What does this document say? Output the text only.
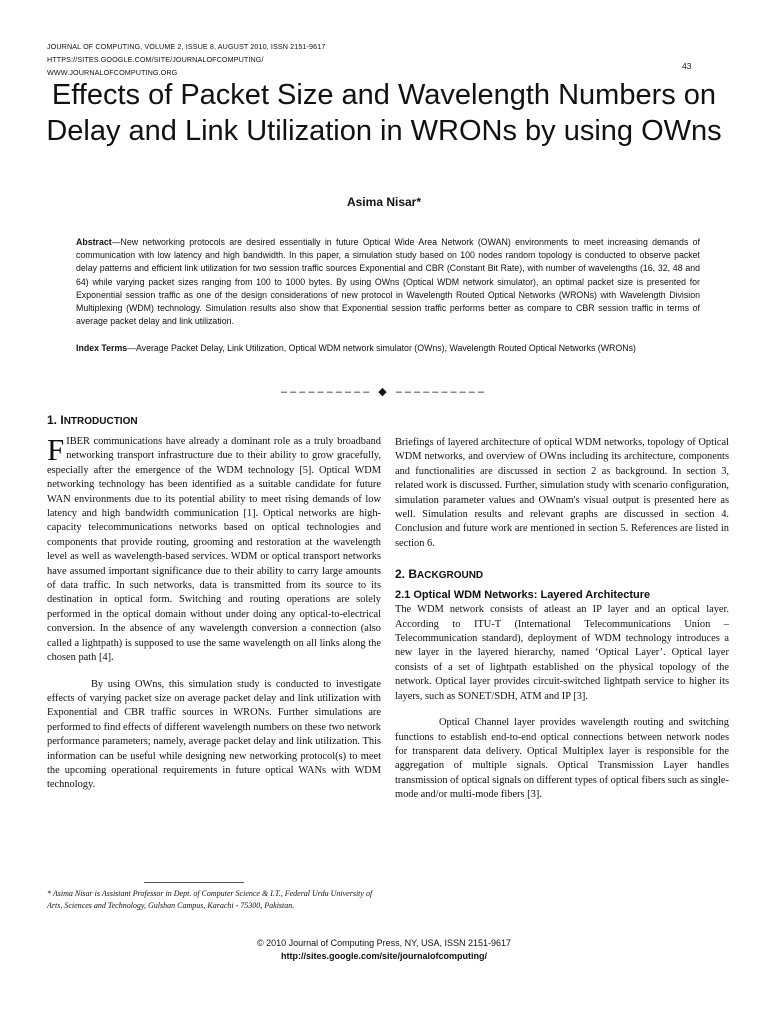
JOURNAL OF COMPUTING, VOLUME 2, ISSUE 8, AUGUST 2010, ISSN 2151-9617
HTTPS://SITES.GOOGLE.COM/SITE/JOURNALOFCOMPUTING/
WWW.JOURNALOFCOMPUTING.ORG
43
Effects of Packet Size and Wavelength Numbers on Delay and Link Utilization in WRONs by using OWns
Asima Nisar*
Abstract—New networking protocols are desired essentially in future Optical Wide Area Network (OWAN) environments to meet increasing demands of communication with low latency and high bandwidth. In this paper, a simulation study based on 100 nodes random topology is conducted to observe packet delay patterns and efficient link utilization for two session traffic sources Exponential and CBR (Constant Bit Rate), with number of wavelengths (16, 32, 48 and 64) while varying packet sizes ranging from 100 to 1000 bytes. By using OWns (Optical WDM network simulator), an optimal packet size is presented for Exponential session traffic as one of the design considerations of new protocol in Wavelength Routed Optical Networks (WRONs) with Wavelength Division Multiplexing (WDM) technology. Simulation results also show that Exponential session traffic performs better as compare to CBR session traffic in terms of average packet delay and link utilization.
Index Terms—Average Packet Delay, Link Utilization, Optical WDM network simulator (OWns), Wavelength Routed Optical Networks (WRONs)
–––––––––– ◆ ––––––––––
1. INTRODUCTION

FIBER communications have already a dominant role as a truly broadband networking transport infrastructure due to their ability to grow gracefully, especially after the emergence of the WDM technology [5]. Optical WDM networking technology has been identified as a suitable candidate for future WAN environments due to its potential ability to meet rising demands of low latency and high bandwidth communication [1]. Optical networks are high-capacity telecommunications networks based on optical technologies and components that provide routing, grooming and restoration at the wavelength level as well as wavelength-based services. WDM or optical transport networks have assumed important significance due to their ability to carry large amounts of data traffic. In such networks, data is transmitted from its source to its destination in optical form. Switching and routing operations are solely performed in the optical domain without under doing any optical-to-electrical conversion. In the absence of any wavelength conversion a connection (also called a lightpath) is supposed to use the same wavelength on all links along the chosen path [4].

By using OWns, this simulation study is conducted to investigate effects of varying packet size on average packet delay and link utilization with Exponential and CBR traffic sources in WRONs. Further simulations are performed to find effects of different wavelength numbers on these two network performance parameters; namely, average packet delay and link utilization. This information can be useful while designing new networking protocol(s) to meet the upcoming operational requirements in future optical WANs with WDM technology.

Briefings of layered architecture of optical WDM networks, topology of Optical WDM networks, and overview of OWns including its architecture, components and functionalities are discussed in section 2 as background. In section 3, related work is discussed. Further, simulation study with scenario configuration, simulation parameter values and OWnam's visual output is presented here as well. Simulation results and relevant graphs are discussed in section 4. Conclusion and future work are mentioned in section 5. References are listed in section 6.

2. BACKGROUND
2.1 Optical WDM Networks: Layered Architecture

The WDM network consists of atleast an IP layer and an optical layer. According to ITU-T (International Telecommunications Union – Telecommunication standard), deployment of WDM technology introduces a new layer in the layered hierarchy, named ‘Optical Layer’. Optical layer consists of a set of lightpath established on the physical topology of the network. Optical layer provides circuit-switched lightpath service to higher its layers, such as SONET/SDH, ATM and IP [3].

Optical Channel layer provides wavelength routing and switching functions to establish end-to-end optical connections between network nodes for transparent data delivery. Optical Multiplex layer is responsible for the aggregation of multiple signals. Optical Transmission Layer handles transmission of optical signals on different types of optical fibers such as single-mode and/or multi-mode fibers [3].

* Asima Nisar is Assistant Professor in Dept. of Computer Science & I.T., Federal Urdu University of Arts, Sciences and Technology, Gulshan Campus, Karachi - 75300, Pakistan.
© 2010 Journal of Computing Press, NY, USA, ISSN 2151-9617
http://sites.google.com/site/journalofcomputing/
